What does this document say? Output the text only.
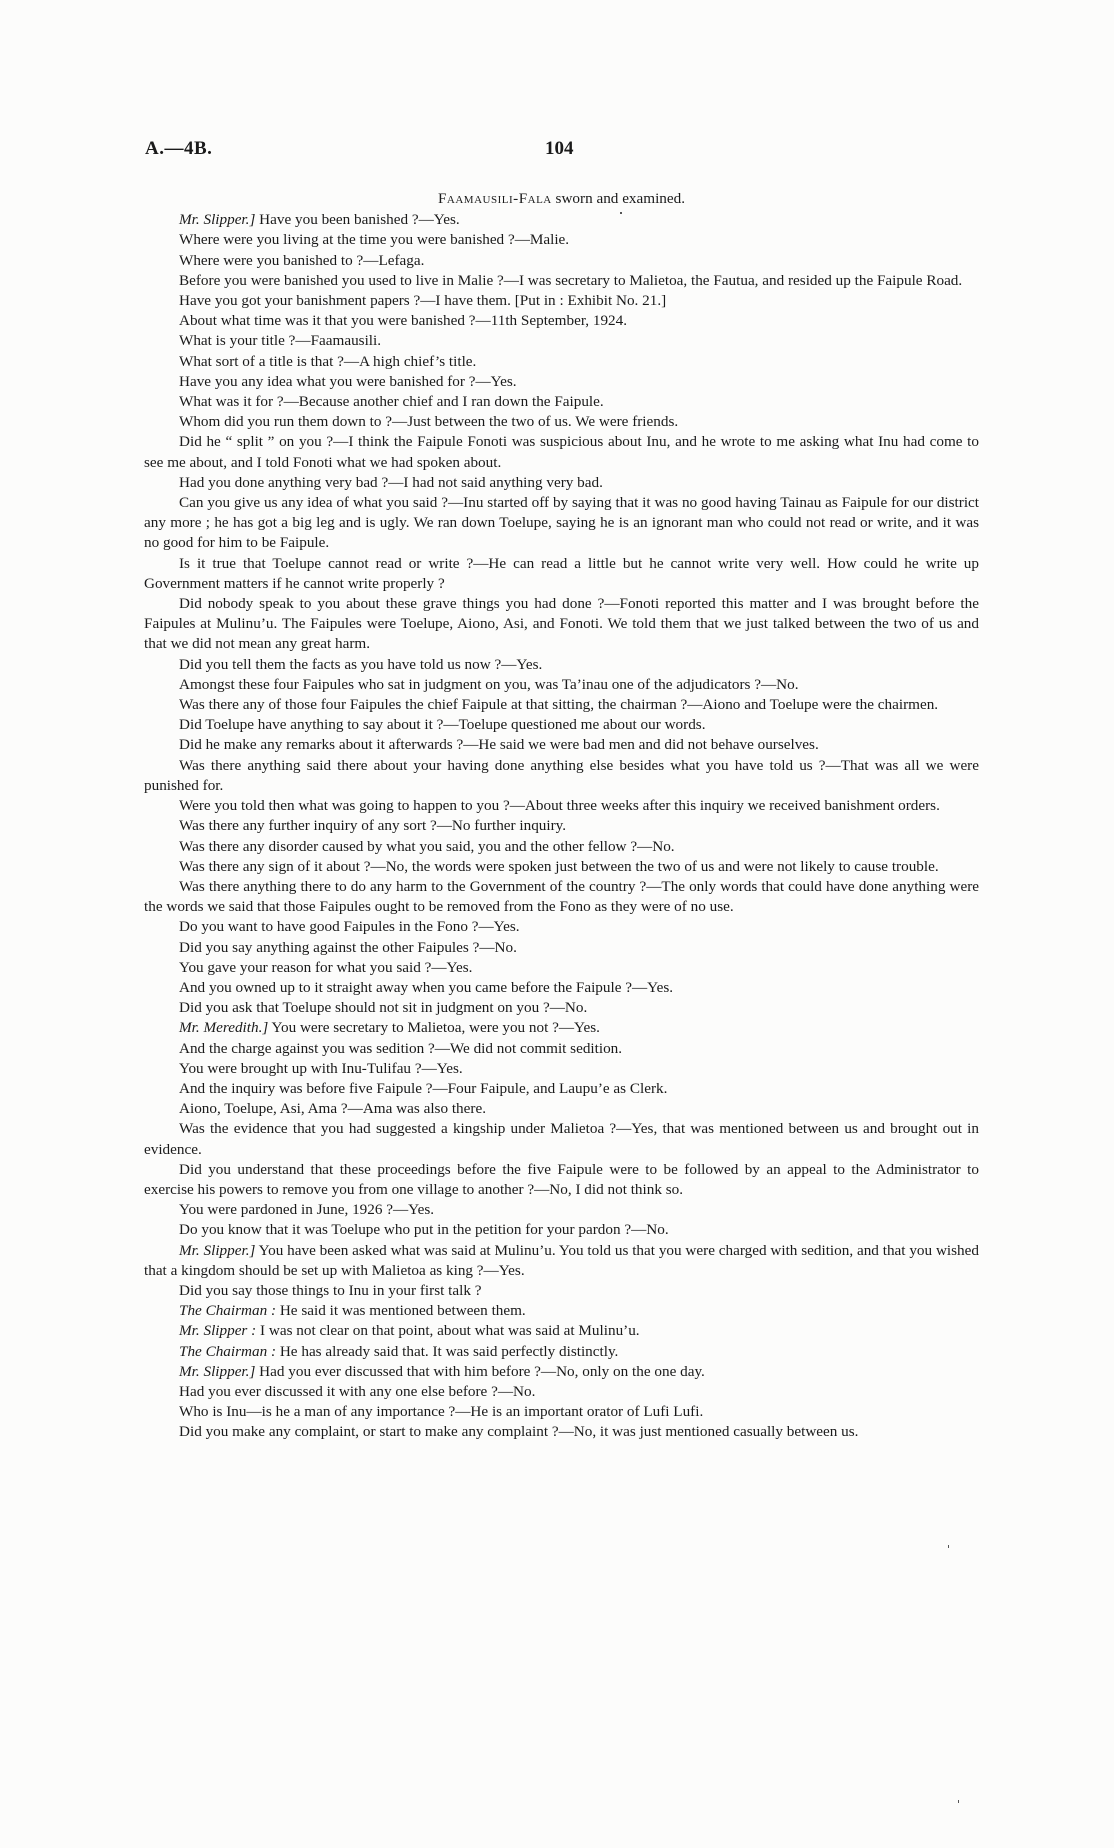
A.—4B.	104

Faamausili-Fala sworn and examined.

Mr. Slipper.] Have you been banished ?—Yes.

Where were you living at the time you were banished ?—Malie.

Where were you banished to ?—Lefaga.

Before you were banished you used to live in Malie ?—I was secretary to Malietoa, the Fautua, and resided up the Faipule Road.

Have you got your banishment papers ?—I have them. [Put in : Exhibit No. 21.]

About what time was it that you were banished ?—11th September, 1924.

What is your title ?—Faamausili.

What sort of a title is that ?—A high chief’s title.

Have you any idea what you were banished for ?—Yes.

What was it for ?—Because another chief and I ran down the Faipule.

Whom did you run them down to ?—Just between the two of us. We were friends.

Did he “ split ” on you ?—I think the Faipule Fonoti was suspicious about Inu, and he wrote to me asking what Inu had come to see me about, and I told Fonoti what we had spoken about.

Had you done anything very bad ?—I had not said anything very bad.

Can you give us any idea of what you said ?—Inu started off by saying that it was no good having Tainau as Faipule for our district any more ; he has got a big leg and is ugly. We ran down Toelupe, saying he is an ignorant man who could not read or write, and it was no good for him to be Faipule.

Is it true that Toelupe cannot read or write ?—He can read a little but he cannot write very well. How could he write up Government matters if he cannot write properly ?

Did nobody speak to you about these grave things you had done ?—Fonoti reported this matter and I was brought before the Faipules at Mulinu’u. The Faipules were Toelupe, Aiono, Asi, and Fonoti. We told them that we just talked between the two of us and that we did not mean any great harm.

Did you tell them the facts as you have told us now ?—Yes.

Amongst these four Faipules who sat in judgment on you, was Ta’inau one of the adjudicators ?—No.

Was there any of those four Faipules the chief Faipule at that sitting, the chairman ?—Aiono and Toelupe were the chairmen.

Did Toelupe have anything to say about it ?—Toelupe questioned me about our words.

Did he make any remarks about it afterwards ?—He said we were bad men and did not behave ourselves.

Was there anything said there about your having done anything else besides what you have told us ?—That was all we were punished for.

Were you told then what was going to happen to you ?—About three weeks after this inquiry we received banishment orders.

Was there any further inquiry of any sort ?—No further inquiry.

Was there any disorder caused by what you said, you and the other fellow ?—No.

Was there any sign of it about ?—No, the words were spoken just between the two of us and were not likely to cause trouble.

Was there anything there to do any harm to the Government of the country ?—The only words that could have done anything were the words we said that those Faipules ought to be removed from the Fono as they were of no use.

Do you want to have good Faipules in the Fono ?—Yes.

Did you say anything against the other Faipules ?—No.

You gave your reason for what you said ?—Yes.

And you owned up to it straight away when you came before the Faipule ?—Yes.

Did you ask that Toelupe should not sit in judgment on you ?—No.

Mr. Meredith.] You were secretary to Malietoa, were you not ?—Yes.

And the charge against you was sedition ?—We did not commit sedition.

You were brought up with Inu-Tulifau ?—Yes.

And the inquiry was before five Faipule ?—Four Faipule, and Laupu’e as Clerk.

Aiono, Toelupe, Asi, Ama ?—Ama was also there.

Was the evidence that you had suggested a kingship under Malietoa ?—Yes, that was mentioned between us and brought out in evidence.

Did you understand that these proceedings before the five Faipule were to be followed by an appeal to the Administrator to exercise his powers to remove you from one village to another ?—No, I did not think so.

You were pardoned in June, 1926 ?—Yes.

Do you know that it was Toelupe who put in the petition for your pardon ?—No.

Mr. Slipper.] You have been asked what was said at Mulinu’u. You told us that you were charged with sedition, and that you wished that a kingdom should be set up with Malietoa as king ?—Yes.

Did you say those things to Inu in your first talk ?

The Chairman : He said it was mentioned between them.

Mr. Slipper : I was not clear on that point, about what was said at Mulinu’u.

The Chairman : He has already said that. It was said perfectly distinctly.

Mr. Slipper.] Had you ever discussed that with him before ?—No, only on the one day.

Had you ever discussed it with any one else before ?—No.

Who is Inu—is he a man of any importance ?—He is an important orator of Lufi Lufi.

Did you make any complaint, or start to make any complaint ?—No, it was just mentioned casually between us.
